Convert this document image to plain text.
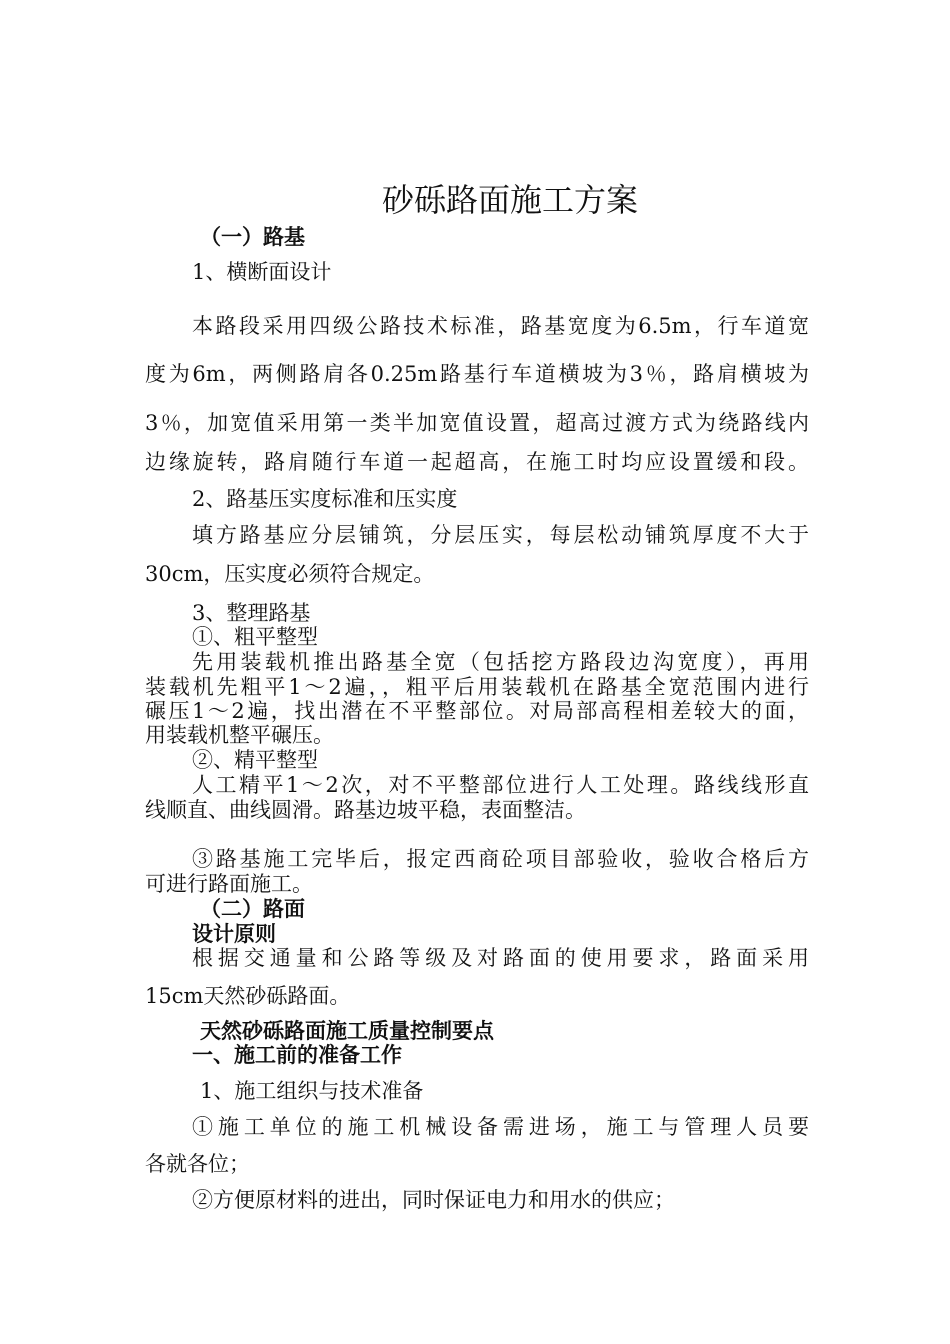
砂砾路面施工方案
（一）路基
1、横断面设计
本路段采用四级公路技术标准，路基宽度为6.5m，行车道宽
度为6m，两侧路肩各0.25m路基行车道横坡为3％，路肩横坡为
3％，加宽值采用第一类半加宽值设置，超高过渡方式为绕路线内
边缘旋转，路肩随行车道一起超高，在施工时均应设置缓和段。
2、路基压实度标准和压实度
填方路基应分层铺筑，分层压实，每层松动铺筑厚度不大于
30cm，压实度必须符合规定。
3、整理路基
①、粗平整型
先用装载机推出路基全宽（包括挖方路段边沟宽度），再用
装载机先粗平1～2遍，，粗平后用装载机在路基全宽范围内进行
碾压1～2遍，找出潜在不平整部位。对局部高程相差较大的面，
用装载机整平碾压。
②、精平整型
人工精平1～2次，对不平整部位进行人工处理。路线线形直
线顺直、曲线圆滑。路基边坡平稳，表面整洁。
③路基施工完毕后，报定西商砼项目部验收，验收合格后方
可进行路面施工。
（二）路面
设计原则
根据交通量和公路等级及对路面的使用要求，路面采用
15cm天然砂砾路面。
天然砂砾路面施工质量控制要点
一、施工前的准备工作
1、施工组织与技术准备
①施工单位的施工机械设备需进场，施工与管理人员要
各就各位；
②方便原材料的进出，同时保证电力和用水的供应；
